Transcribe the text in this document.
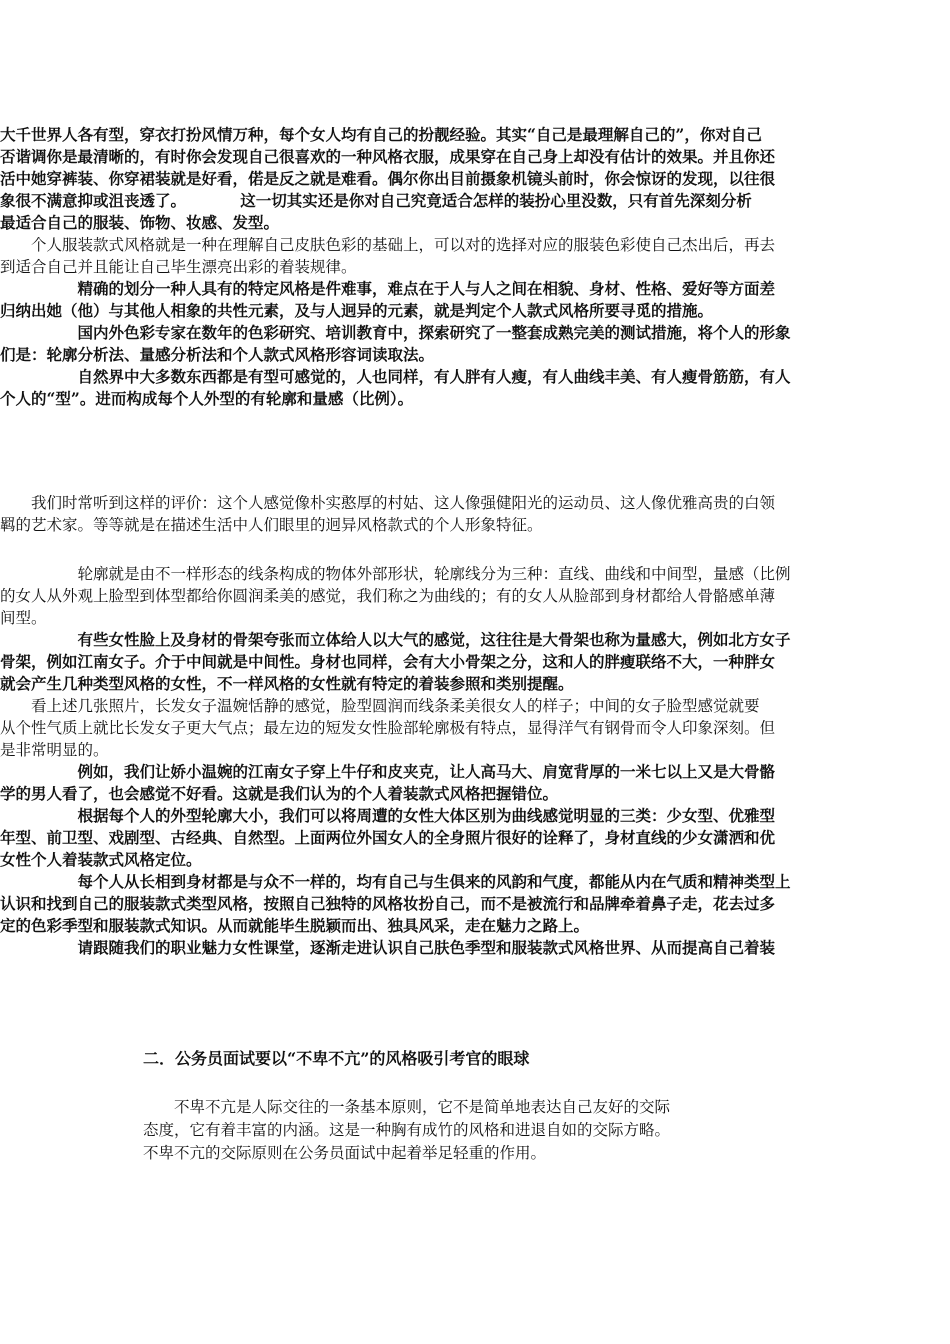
大千世界人各有型，穿衣打扮风情万种，每个女人均有自己的扮靓经验。其实“自己是最理解自己的”，你对自己
否谐调你是最清晰的，有时你会发现自己很喜欢的一种风格衣服，成果穿在自己身上却没有估计的效果。并且你还
活中她穿裤装、你穿裙装就是好看，偌是反之就是难看。偶尔你出目前摄象机镜头前时，你会惊讶的发现，以往很
象很不满意抑或沮丧透了。　　　　这一切其实还是你对自己究竟适合怎样的装扮心里没数，只有首先深刻分析
最适合自己的服装、饰物、妆感、发型。
　　个人服装款式风格就是一种在理解自己皮肤色彩的基础上，可以对的选择对应的服装色彩使自己杰出后，再去
到适合自己并且能让自己毕生漂亮出彩的着装规律。
　　　　　精确的划分一种人具有的特定风格是件难事，难点在于人与人之间在相貌、身材、性格、爱好等方面差
归纳出她（他）与其他人相象的共性元素，及与人迥异的元素，就是判定个人款式风格所要寻觅的措施。
　　　　　国内外色彩专家在数年的色彩研究、培训教育中，探索研究了一整套成熟完美的测试措施，将个人的形象
们是：轮廓分析法、量感分析法和个人款式风格形容词读取法。
　　　　　自然界中大多数东西都是有型可感觉的，人也同样，有人胖有人瘦，有人曲线丰美、有人瘦骨筋筋，有人
个人的“型”。进而构成每个人外型的有轮廓和量感（比例）。
　　我们时常听到这样的评价：这个人感觉像朴实憨厚的村姑、这人像强健阳光的运动员、这人像优雅高贵的白领
羁的艺术家。等等就是在描述生活中人们眼里的迥异风格款式的个人形象特征。
　　　　　轮廓就是由不一样形态的线条构成的物体外部形状，轮廓线分为三种：直线、曲线和中间型，量感（比例
的女人从外观上脸型到体型都给你圆润柔美的感觉，我们称之为曲线的；有的女人从脸部到身材都给人骨骼感单薄
间型。
　　　　　有些女性脸上及身材的骨架夸张而立体给人以大气的感觉，这往往是大骨架也称为量感大，例如北方女子
骨架，例如江南女子。介于中间就是中间性。身材也同样，会有大小骨架之分，这和人的胖瘦联络不大，一种胖女
就会产生几种类型风格的女性，不一样风格的女性就有特定的着装参照和类别提醒。
　　看上述几张照片，长发女子温婉恬静的感觉，脸型圆润而线条柔美很女人的样子；中间的女子脸型感觉就要
从个性气质上就比长发女子更大气点；最左边的短发女性脸部轮廓极有特点，显得洋气有钢骨而令人印象深刻。但
是非常明显的。
　　　　　例如，我们让娇小温婉的江南女子穿上牛仔和皮夹克，让人高马大、肩宽背厚的一米七以上又是大骨骼
学的男人看了，也会感觉不好看。这就是我们认为的个人着装款式风格把握错位。
　　　　　根据每个人的外型轮廓大小，我们可以将周遭的女性大体区别为曲线感觉明显的三类：少女型、优雅型
年型、前卫型、戏剧型、古经典、自然型。上面两位外国女人的全身照片很好的诠释了，身材直线的少女潇洒和优
女性个人着装款式风格定位。
　　　　　每个人从长相到身材都是与众不一样的，均有自己与生俱来的风韵和气度，都能从内在气质和精神类型上
认识和找到自己的服装款式类型风格，按照自己独特的风格妆扮自己，而不是被流行和品牌牵着鼻子走，花去过多
定的色彩季型和服装款式知识。从而就能毕生脱颖而出、独具风采，走在魅力之路上。
　　　　　请跟随我们的职业魅力女性课堂，逐渐走进认识自己肤色季型和服装款式风格世界、从而提高自己着装
二．公务员面试要以“不卑不亢”的风格吸引考官的眼球
　　不卑不亢是人际交往的一条基本原则，它不是简单地表达自己友好的交际
态度，它有着丰富的内涵。这是一种胸有成竹的风格和进退自如的交际方略。
不卑不亢的交际原则在公务员面试中起着举足轻重的作用。
